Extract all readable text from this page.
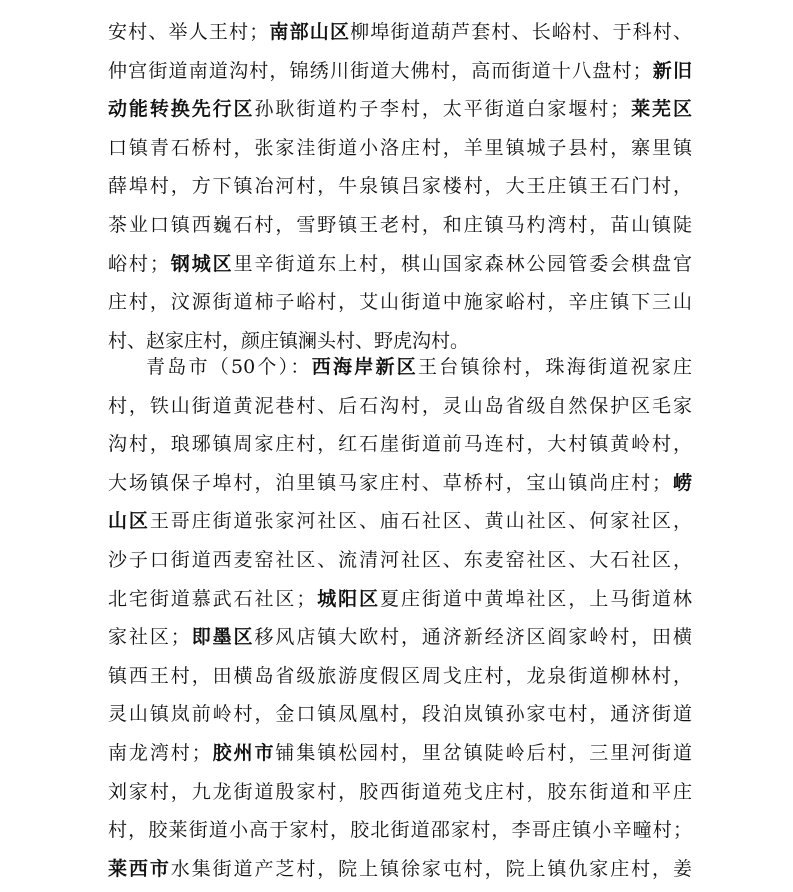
安村、举人王村；南部山区柳埠街道葫芦套村、长峪村、于科村、
仲宫街道南道沟村，锦绣川街道大佛村，高而街道十八盘村；新旧
动能转换先行区孙耿街道杓子李村，太平街道白家堰村；莱芜区
口镇青石桥村，张家洼街道小洛庄村，羊里镇城子县村，寨里镇
薛埠村，方下镇冶河村，牛泉镇吕家楼村，大王庄镇王石门村，
茶业口镇西巍石村，雪野镇王老村，和庄镇马杓湾村，苗山镇陡
峪村；钢城区里辛街道东上村，棋山国家森林公园管委会棋盘官
庄村，汶源街道柿子峪村，艾山街道中施家峪村，辛庄镇下三山
村、赵家庄村，颜庄镇澜头村、野虎沟村。
青岛市（50个）：西海岸新区王台镇徐村，珠海街道祝家庄
村，铁山街道黄泥巷村、后石沟村，灵山岛省级自然保护区毛家
沟村，琅琊镇周家庄村，红石崖街道前马连村，大村镇黄岭村，
大场镇保子埠村，泊里镇马家庄村、草桥村，宝山镇尚庄村；崂
山区王哥庄街道张家河社区、庙石社区、黄山社区、何家社区，
沙子口街道西麦窑社区、流清河社区、东麦窑社区、大石社区，
北宅街道慕武石社区；城阳区夏庄街道中黄埠社区，上马街道林
家社区；即墨区移风店镇大欧村，通济新经济区阎家岭村，田横
镇西王村，田横岛省级旅游度假区周戈庄村，龙泉街道柳林村，
灵山镇岚前岭村，金口镇凤凰村，段泊岚镇孙家屯村，通济街道
南龙湾村；胶州市铺集镇松园村，里岔镇陡岭后村，三里河街道
刘家村，九龙街道殷家村，胶西街道苑戈庄村，胶东街道和平庄
村，胶莱街道小高于家村，胶北街道邵家村，李哥庄镇小辛疃村；
莱西市水集街道产芝村，院上镇徐家屯村，院上镇仇家庄村，姜
